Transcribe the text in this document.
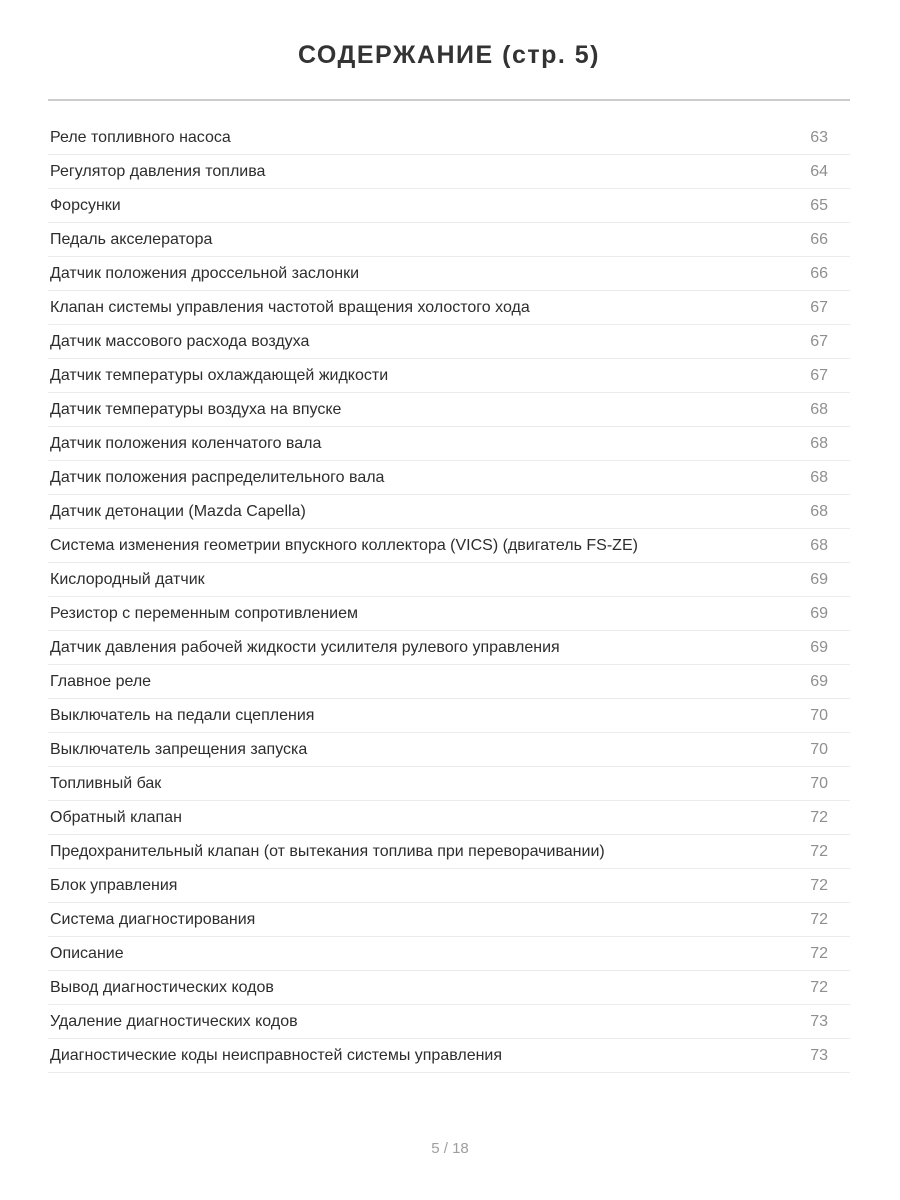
СОДЕРЖАНИЕ (стр. 5)
Реле топливного насоса	63
Регулятор давления топлива	64
Форсунки	65
Педаль акселератора	66
Датчик положения дроссельной заслонки	66
Клапан системы управления частотой вращения холостого хода	67
Датчик массового расхода воздуха	67
Датчик температуры охлаждающей жидкости	67
Датчик температуры воздуха на впуске	68
Датчик положения коленчатого вала	68
Датчик положения распределительного вала	68
Датчик детонации (Mazda Capella)	68
Система изменения геометрии впускного коллектора (VICS) (двигатель FS-ZE)	68
Кислородный датчик	69
Резистор с переменным сопротивлением	69
Датчик давления рабочей жидкости усилителя рулевого управления	69
Главное реле	69
Выключатель на педали сцепления	70
Выключатель запрещения запуска	70
Топливный бак	70
Обратный клапан	72
Предохранительный клапан (от вытекания топлива при переворачивании)	72
Блок управления	72
Система диагностирования	72
Описание	72
Вывод диагностических кодов	72
Удаление диагностических кодов	73
Диагностические коды неисправностей системы управления	73
5 / 18
